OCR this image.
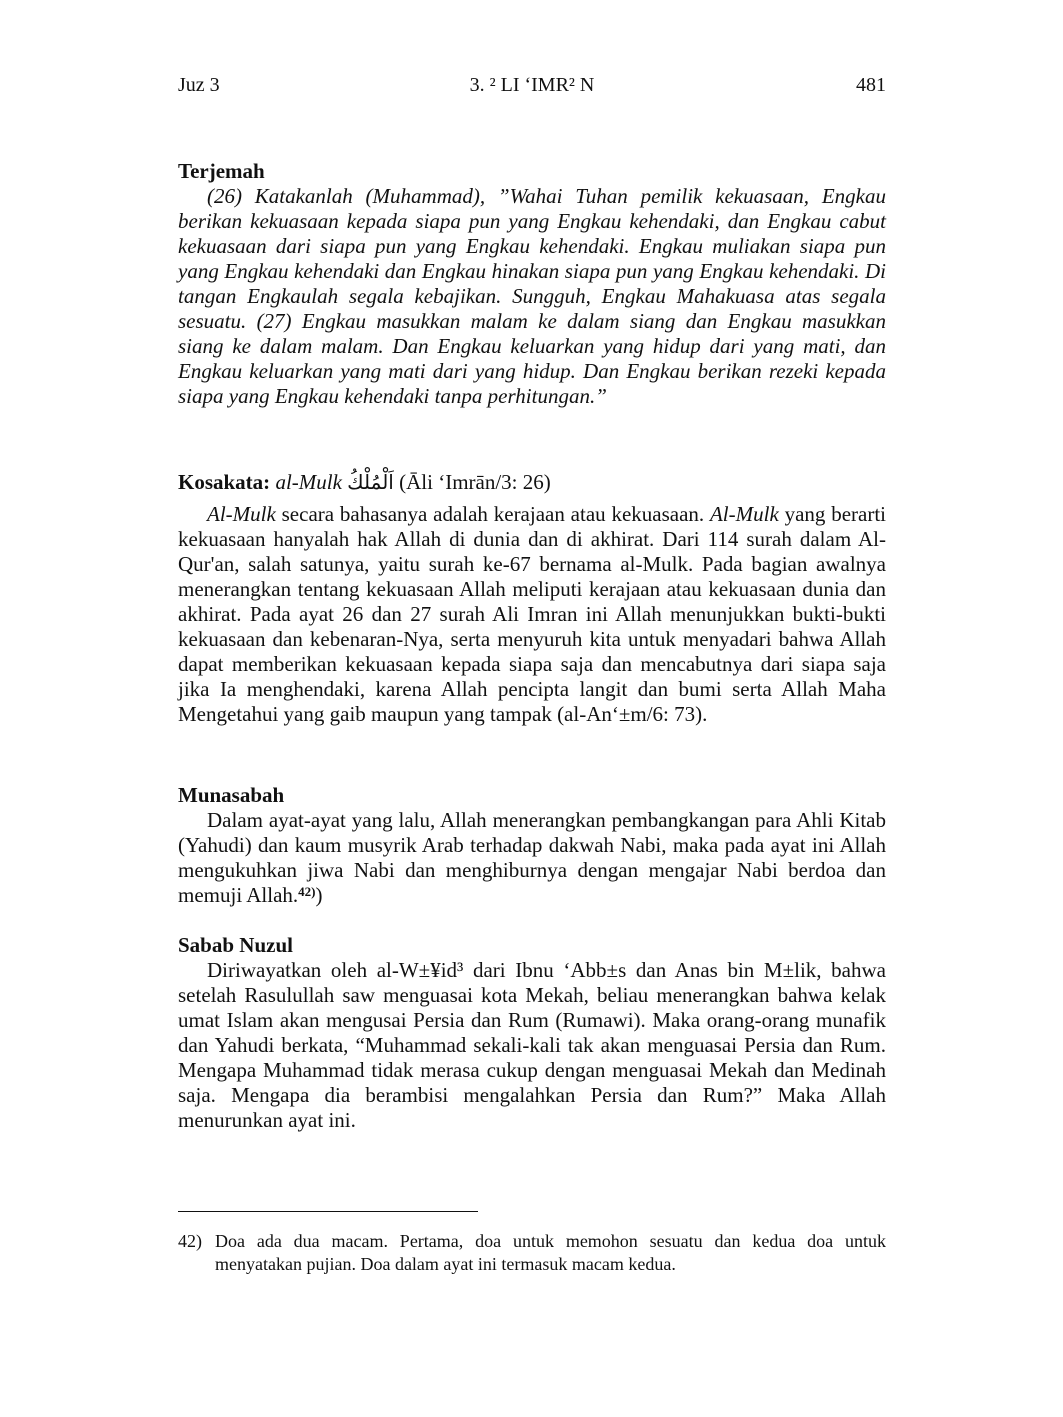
Juz 3	3. ² LI ‘IMR² N	481
Terjemah

(26) Katakanlah (Muhammad), ”Wahai Tuhan pemilik kekuasaan, Engkau berikan kekuasaan kepada siapa pun yang Engkau kehendaki, dan Engkau cabut kekuasaan dari siapa pun yang Engkau kehendaki. Engkau muliakan siapa pun yang Engkau kehendaki dan Engkau hinakan siapa pun yang Engkau kehendaki. Di tangan Engkaulah segala kebajikan. Sungguh, Engkau Mahakuasa atas segala sesuatu. (27) Engkau masukkan malam ke dalam siang dan Engkau masukkan siang ke dalam malam. Dan Engkau keluarkan yang hidup dari yang mati, dan Engkau keluarkan yang mati dari yang hidup. Dan Engkau berikan rezeki kepada siapa yang Engkau kehendaki tanpa perhitungan.”

Kosakata: al-Mulk اَلْمُلْكُ (Āli ‘Imrān/3: 26)

Al-Mulk secara bahasanya adalah kerajaan atau kekuasaan. Al-Mulk yang berarti kekuasaan hanyalah hak Allah di dunia dan di akhirat. Dari 114 surah dalam Al-Qur'an, salah satunya, yaitu surah ke-67 bernama al-Mulk. Pada bagian awalnya menerangkan tentang kekuasaan Allah meliputi kerajaan atau kekuasaan dunia dan akhirat. Pada ayat 26 dan 27 surah Ali Imran ini Allah menunjukkan bukti-bukti kekuasaan dan kebenaran-Nya, serta menyuruh kita untuk menyadari bahwa Allah dapat memberikan kekuasaan kepada siapa saja dan mencabutnya dari siapa saja jika Ia menghendaki, karena Allah pencipta langit dan bumi serta Allah Maha Mengetahui yang gaib maupun yang tampak (al-An‘±m/6: 73).

Munasabah

Dalam ayat-ayat yang lalu, Allah menerangkan pembangkangan para Ahli Kitab (Yahudi) dan kaum musyrik Arab terhadap dakwah Nabi, maka pada ayat ini Allah mengukuhkan jiwa Nabi dan menghiburnya dengan mengajar Nabi berdoa dan memuji Allah.$^{42)}$)

Sabab Nuzul

Diriwayatkan oleh al-W±¥id³ dari Ibnu ‘Abb±s dan Anas bin M±lik, bahwa setelah Rasulullah saw menguasai kota Mekah, beliau menerangkan bahwa kelak umat Islam akan mengusai Persia dan Rum (Rumawi). Maka orang-orang munafik dan Yahudi berkata, “Muhammad sekali-kali tak akan menguasai Persia dan Rum. Mengapa Muhammad tidak merasa cukup dengan menguasai Mekah dan Medinah saja. Mengapa dia berambisi mengalahkan Persia dan Rum?” Maka Allah menurunkan ayat ini.

42) Doa ada dua macam. Pertama, doa untuk memohon sesuatu dan kedua doa untuk menyatakan pujian. Doa dalam ayat ini termasuk macam kedua.
